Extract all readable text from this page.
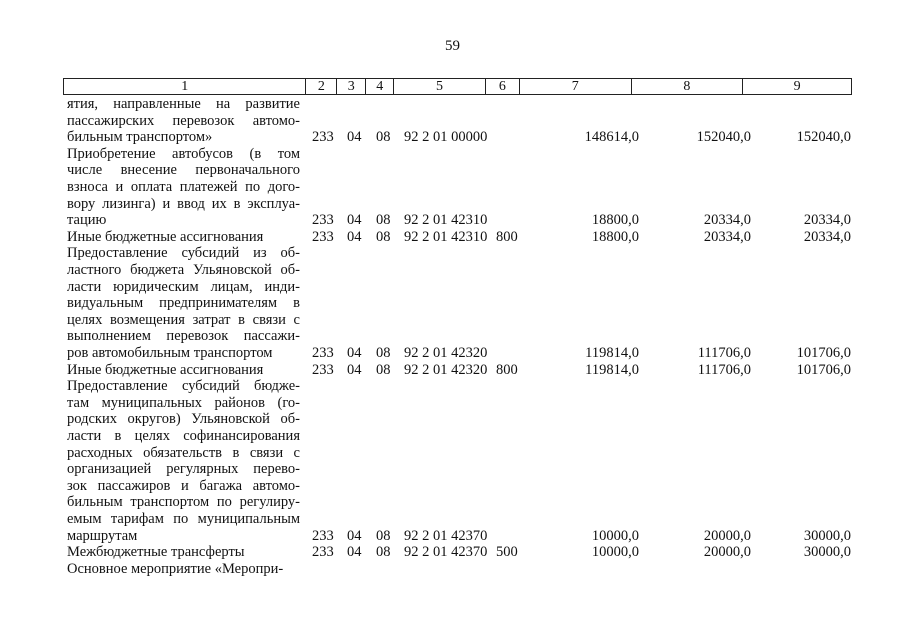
59
1	2	3	4	5	6	7	8	9
ятия, направленные на развитие
пассажирских перевозок автомо-
бильным транспортом»	233 04 08 92 2 01 00000	148614,0	152040,0	152040,0
Приобретение автобусов (в том
числе внесение первоначального
взноса и оплата платежей по дого-
вору лизинга) и ввод их в эксплуа-
тацию	233 04 08 92 2 01 42310	18800,0	20334,0	20334,0
Иные бюджетные ассигнования	233 04 08 92 2 01 42310 800	18800,0	20334,0	20334,0
Предоставление субсидий из об-
ластного бюджета Ульяновской об-
ласти юридическим лицам, инди-
видуальным предпринимателям в
целях возмещения затрат в связи с
выполнением перевозок пассажи-
ров автомобильным транспортом	233 04 08 92 2 01 42320	119814,0	111706,0	101706,0
Иные бюджетные ассигнования	233 04 08 92 2 01 42320 800	119814,0	111706,0	101706,0
Предоставление субсидий бюдже-
там муниципальных районов (го-
родских округов) Ульяновской об-
ласти в целях софинансирования
расходных обязательств в связи с
организацией регулярных перево-
зок пассажиров и багажа автомо-
бильным транспортом по регулиру-
емым тарифам по муниципальным
маршрутам	233 04 08 92 2 01 42370	10000,0	20000,0	30000,0
Межбюджетные трансферты	233 04 08 92 2 01 42370 500	10000,0	20000,0	30000,0
Основное мероприятие «Меропри-
